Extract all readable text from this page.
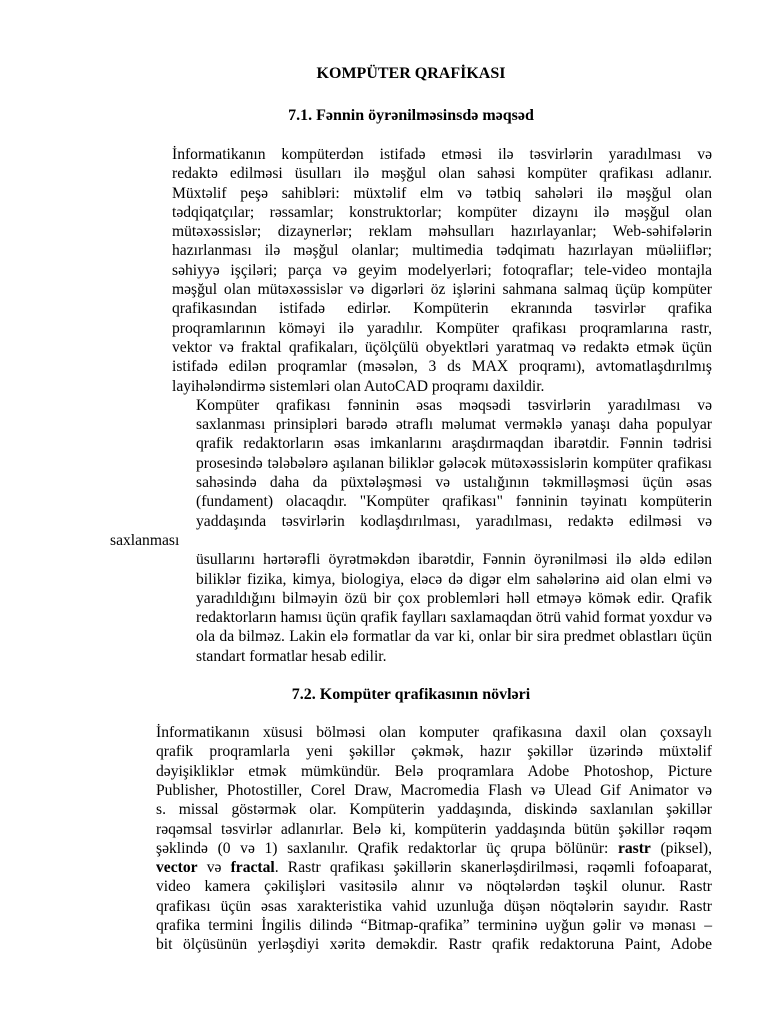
KOMPÜTER QRAFİKASI

7.1. Fənnin öyrənilməsinsdə məqsəd

İnformatikanın kompüterdən istifadə etməsi ilə təsvirlərin yaradılması və
redaktə edilməsi üsulları ilə məşğul olan sahəsi kompüter qrafikası adlanır.
Müxtəlif peşə sahibləri: müxtəlif elm və tətbiq sahələri ilə məşğul olan
tədqiqatçılar; rəssamlar; konstruktorlar; kompüter dizaynı ilə məşğul olan
mütəxəssislər; dizaynerlər; reklam məhsulları hazırlayanlar; Web-səhifələrin
hazırlanması ilə məşğul olanlar; multimedia tədqimatı hazırlayan müəliiflər;
səhiyyə işçiləri; parça və geyim modelyerləri; fotoqraflar; tele-video montajla
məşğul olan mütəxəssislər və digərləri öz işlərini sahmana salmaq üçüp kompüter
qrafikasından istifadə edirlər. Kompüterin ekranında təsvirlər qrafika
proqramlarının köməyi ilə yaradılır. Kompüter qrafikası proqramlarına rastr,
vektor və fraktal qrafikaları, üçölçülü obyektləri yaratmaq və redaktə etmək üçün
istifadə edilən proqramlar (məsələn, 3 ds MAX proqramı), avtomatlaşdırılmış
layihələndirmə sistemləri olan AutoCAD proqramı daxildir.

Kompüter qrafikası fənninin əsas məqsədi təsvirlərin yaradılması və
saxlanması prinsipləri barədə ətraflı məlumat verməklə yanaşı daha populyar
qrafik redaktorların əsas imkanlarını araşdırmaqdan ibarətdir. Fənnin tədrisi
prosesində tələbələrə aşılanan biliklər gələcək mütəxəssislərin kompüter qrafikası
sahəsində daha da püxtələşməsi və ustalığının təkmilləşməsi üçün əsas
(fundament) olacaqdır. "Kompüter qrafikası" fənninin təyinatı kompüterin
yaddaşında təsvirlərin kodlaşdırılması, yaradılması, redaktə edilməsi və saxlanması
üsullarını hərtərəfli öyrətməkdən ibarətdir, Fənnin öyrənilməsi ilə əldə edilən
biliklər fizika, kimya, biologiya, eləcə də digər elm sahələrinə aid olan elmi və
yaradıldığını bilməyin özü bir çox problemləri həll etməyə kömək edir. Qrafik
redaktorların hamısı üçün qrafik faylları saxlamaqdan ötrü vahid format yoxdur və
ola da bilməz. Lakin elə formatlar da var ki, onlar bir sira predmet oblastları üçün
standart formatlar hesab edilir.

7.2. Kompüter qrafikasının növləri

İnformatikanın xüsusi bölməsi olan komputer qrafikasına daxil olan çoxsaylı
qrafik proqramlarla yeni şəkillər çəkmək, hazır şəkillər üzərində müxtəlif
dəyişikliklər etmək mümkündür. Belə proqramlara Adobe Photoshop, Picture
Publisher, Photostiller, Corel Draw, Macromedia Flash və Ulead Gif Animator və
s. missal göstərmək olar. Kompüterin yaddaşında, diskində saxlanılan şəkillər
rəqəmsal təsvirlər adlanırlar. Belə ki, kompüterin yaddaşında bütün şəkillər rəqəm
şəklində (0 və 1) saxlanılır. Qrafik redaktorlar üç qrupa bölünür: rastr (piksel),
vector və fractal. Rastr qrafikası şəkillərin skanerləşdirilməsi, rəqəmli fofoaparat,
video kamera çəkilişləri vasitəsilə alınır və nöqtələrdən təşkil olunur. Rastr
qrafikası üçün əsas xarakteristika vahid uzunluğa düşən nöqtələrin sayıdır. Rastr
qrafika termini İngilis dilində “Bitmap-qrafika” termininə uyğun gəlir və mənası –
bit ölçüsünün yerləşdiyi xəritə deməkdir. Rastr qrafik redaktoruna Paint, Adobe
